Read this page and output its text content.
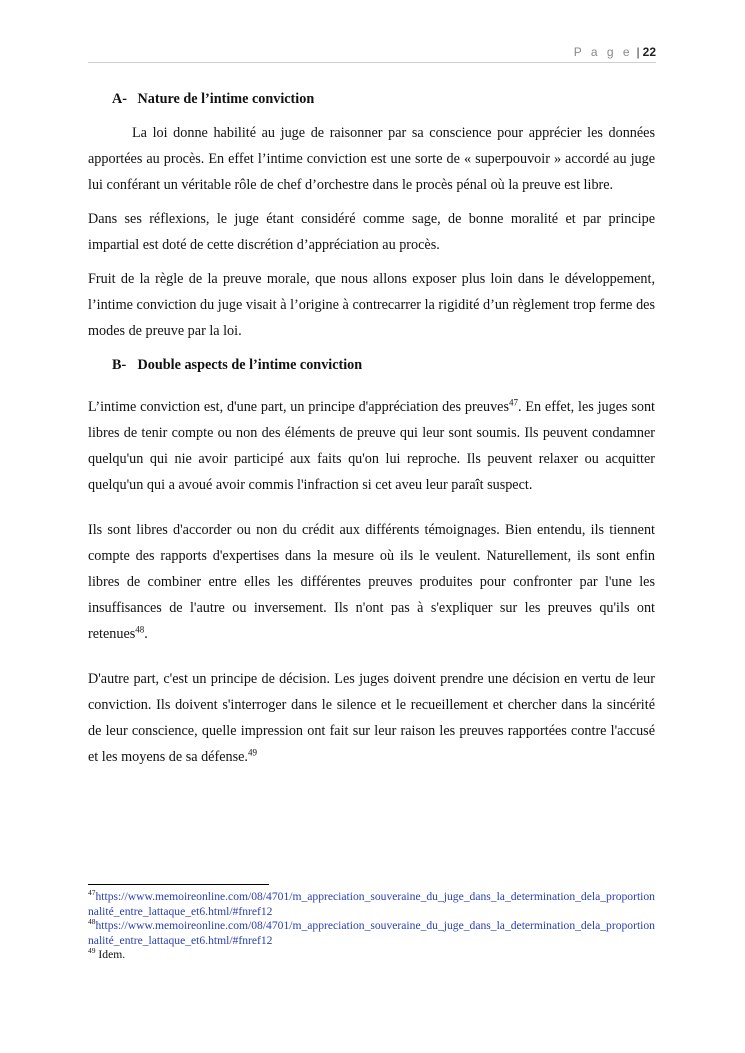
P a g e | 22
A- Nature de l’intime conviction

La loi donne habilité au juge de raisonner par sa conscience pour apprécier les données apportées au procès. En effet l’intime conviction est une sorte de « superpouvoir » accordé au juge lui conférant un véritable rôle de chef d’orchestre dans le procès pénal où la preuve est libre.

Dans ses réflexions, le juge étant considéré comme sage, de bonne moralité et par principe impartial est doté de cette discrétion d’appréciation au procès.

Fruit de la règle de la preuve morale, que nous allons exposer plus loin dans le développement, l’intime conviction du juge visait à l’origine à contrecarrer la rigidité d’un règlement trop ferme des modes de preuve par la loi.

B- Double aspects de l’intime conviction

L’intime conviction est, d'une part, un principe d'appréciation des preuves$^{47}$. En effet, les juges sont libres de tenir compte ou non des éléments de preuve qui leur sont soumis. Ils peuvent condamner quelqu'un qui nie avoir participé aux faits qu'on lui reproche. Ils peuvent relaxer ou acquitter quelqu'un qui a avoué avoir commis l'infraction si cet aveu leur paraît suspect.

Ils sont libres d'accorder ou non du crédit aux différents témoignages. Bien entendu, ils tiennent compte des rapports d'expertises dans la mesure où ils le veulent. Naturellement, ils sont enfin libres de combiner entre elles les différentes preuves produites pour confronter par l'une les insuffisances de l'autre ou inversement. Ils n'ont pas à s'expliquer sur les preuves qu'ils ont retenues$^{48}$.

D'autre part, c'est un principe de décision. Les juges doivent prendre une décision en vertu de leur conviction. Ils doivent s'interroger dans le silence et le recueillement et chercher dans la sincérité de leur conscience, quelle impression ont fait sur leur raison les preuves rapportées contre l'accusé et les moyens de sa défense.$^{49}$

$^{47}$https://www.memoireonline.com/08/4701/m_appreciation_souveraine_du_juge_dans_la_determination_dela_proportionnalité_entre_lattaque_et6.html/#fnref12

$^{48}$https://www.memoireonline.com/08/4701/m_appreciation_souveraine_du_juge_dans_la_determination_dela_proportionnalité_entre_lattaque_et6.html/#fnref12

$^{49}$ Idem.
